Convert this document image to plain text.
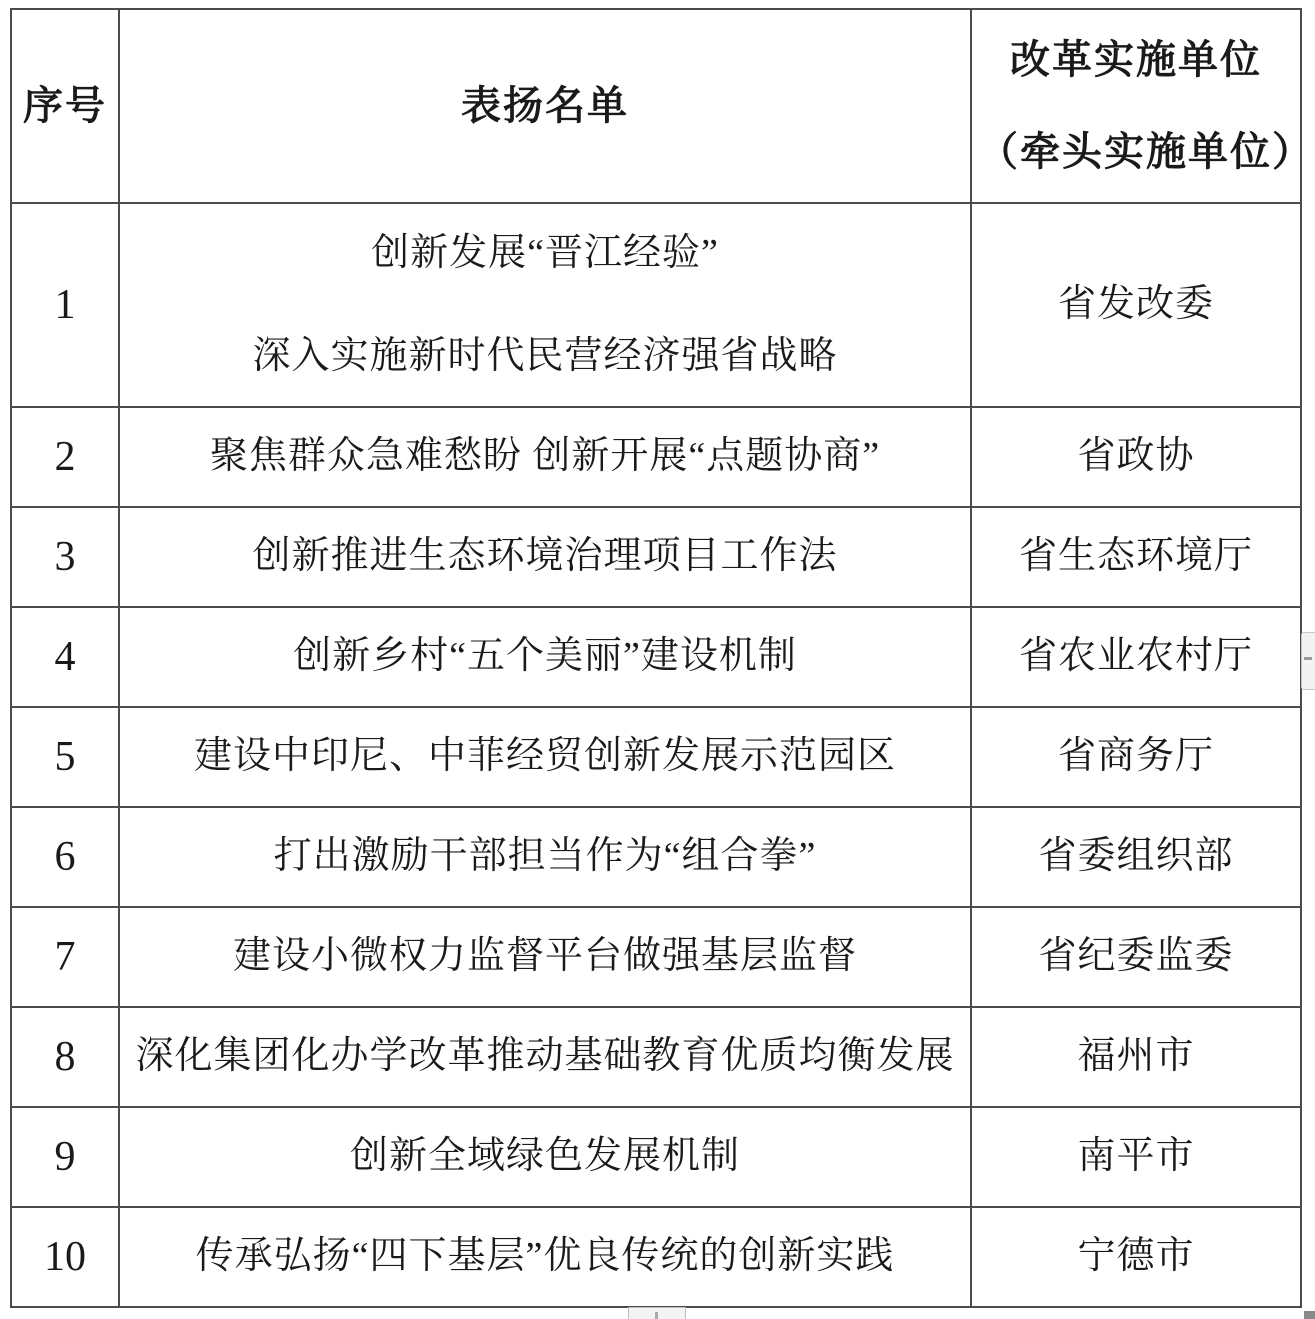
序号	表扬名单	改革实施单位
（牵头实施单位）

1	创新发展“晋江经验”
深入实施新时代民营经济强省战略	省发改委
2	聚焦群众急难愁盼 创新开展“点题协商”	省政协
3	创新推进生态环境治理项目工作法	省生态环境厅
4	创新乡村“五个美丽”建设机制	省农业农村厅
5	建设中印尼、中菲经贸创新发展示范园区	省商务厅
6	打出激励干部担当作为“组合拳”	省委组织部
7	建设小微权力监督平台做强基层监督	省纪委监委
8	深化集团化办学改革推动基础教育优质均衡发展	福州市
9	创新全域绿色发展机制	南平市
10	传承弘扬“四下基层”优良传统的创新实践	宁德市
